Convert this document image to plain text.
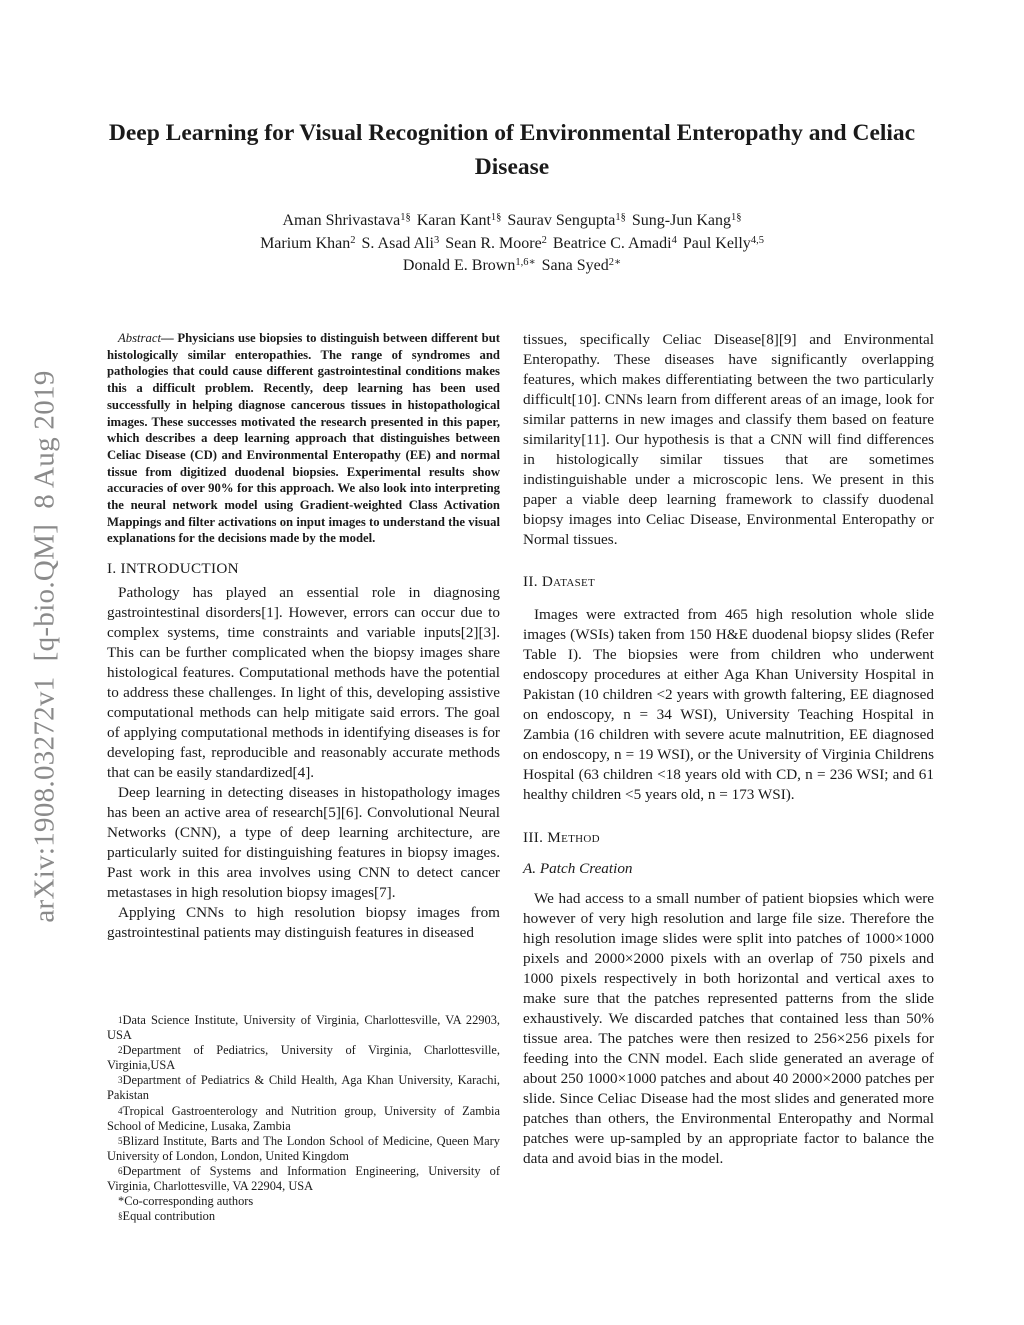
arXiv:1908.03272v1  [q-bio.QM]  8 Aug 2019
Deep Learning for Visual Recognition of Environmental Enteropathy and Celiac Disease
Aman Shrivastava$^{1\S}$ Karan Kant$^{1\S}$ Saurav Sengupta$^{1\S}$ Sung-Jun Kang$^{1\S}$
Marium Khan$^2$ S. Asad Ali$^3$ Sean R. Moore$^2$ Beatrice C. Amadi$^4$ Paul Kelly$^{4,5}$
Donald E. Brown$^{1,6∗}$ Sana Syed$^{2∗}$
Abstract— Physicians use biopsies to distinguish between different but histologically similar enteropathies. The range of syndromes and pathologies that could cause different gastrointestinal conditions makes this a difficult problem. Recently, deep learning has been used successfully in helping diagnose cancerous tissues in histopathological images. These successes motivated the research presented in this paper, which describes a deep learning approach that distinguishes between Celiac Disease (CD) and Environmental Enteropathy (EE) and normal tissue from digitized duodenal biopsies. Experimental results show accuracies of over 90% for this approach. We also look into interpreting the neural network model using Gradient-weighted Class Activation Mappings and filter activations on input images to understand the visual explanations for the decisions made by the model.

I. INTRODUCTION

Pathology has played an essential role in diagnosing gastrointestinal disorders[1]. However, errors can occur due to complex systems, time constraints and variable inputs[2][3]. This can be further complicated when the biopsy images share histological features. Computational methods have the potential to address these challenges. In light of this, developing assistive computational methods can help mitigate said errors. The goal of applying computational methods in identifying diseases is for developing fast, reproducible and reasonably accurate methods that can be easily standardized[4].

Deep learning in detecting diseases in histopathology images has been an active area of research[5][6]. Convolutional Neural Networks (CNN), a type of deep learning architecture, are particularly suited for distinguishing features in biopsy images. Past work in this area involves using CNN to detect cancer metastases in high resolution biopsy images[7].

Applying CNNs to high resolution biopsy images from gastrointestinal patients may distinguish features in diseased

$^1$Data Science Institute, University of Virginia, Charlottesville, VA 22903, USA
$^2$Department of Pediatrics, University of Virginia, Charlottesville, Virginia,USA
$^3$Department of Pediatrics & Child Health, Aga Khan University, Karachi, Pakistan
$^4$Tropical Gastroenterology and Nutrition group, University of Zambia School of Medicine, Lusaka, Zambia
$^5$Blizard Institute, Barts and The London School of Medicine, Queen Mary University of London, London, United Kingdom
$^6$Department of Systems and Information Engineering, University of Virginia, Charlottesville, VA 22904, USA
*Co-corresponding authors
§Equal contribution

tissues, specifically Celiac Disease[8][9] and Environmental Enteropathy. These diseases have significantly overlapping features, which makes differentiating between the two particularly difficult[10]. CNNs learn from different areas of an image, look for similar patterns in new images and classify them based on feature similarity[11]. Our hypothesis is that a CNN will find differences in histologically similar tissues that are sometimes indistinguishable under a microscopic lens. We present in this paper a viable deep learning framework to classify duodenal biopsy images into Celiac Disease, Environmental Enteropathy or Normal tissues.

II. Dataset

Images were extracted from 465 high resolution whole slide images (WSIs) taken from 150 H&E duodenal biopsy slides (Refer Table I). The biopsies were from children who underwent endoscopy procedures at either Aga Khan University Hospital in Pakistan (10 children <2 years with growth faltering, EE diagnosed on endoscopy, n = 34 WSI), University Teaching Hospital in Zambia (16 children with severe acute malnutrition, EE diagnosed on endoscopy, n = 19 WSI), or the University of Virginia Childrens Hospital (63 children <18 years old with CD, n = 236 WSI; and 61 healthy children <5 years old, n = 173 WSI).

III. Method

A. Patch Creation

We had access to a small number of patient biopsies which were however of very high resolution and large file size. Therefore the high resolution image slides were split into patches of 1000×1000 pixels and 2000×2000 pixels with an overlap of 750 pixels and 1000 pixels respectively in both horizontal and vertical axes to make sure that the patches represented patterns from the slide exhaustively. We discarded patches that contained less than 50% tissue area. The patches were then resized to 256×256 pixels for feeding into the CNN model. Each slide generated an average of about 250 1000×1000 patches and about 40 2000×2000 patches per slide. Since Celiac Disease had the most slides and generated more patches than others, the Environmental Enteropathy and Normal patches were up-sampled by an appropriate factor to balance the data and avoid bias in the model.
